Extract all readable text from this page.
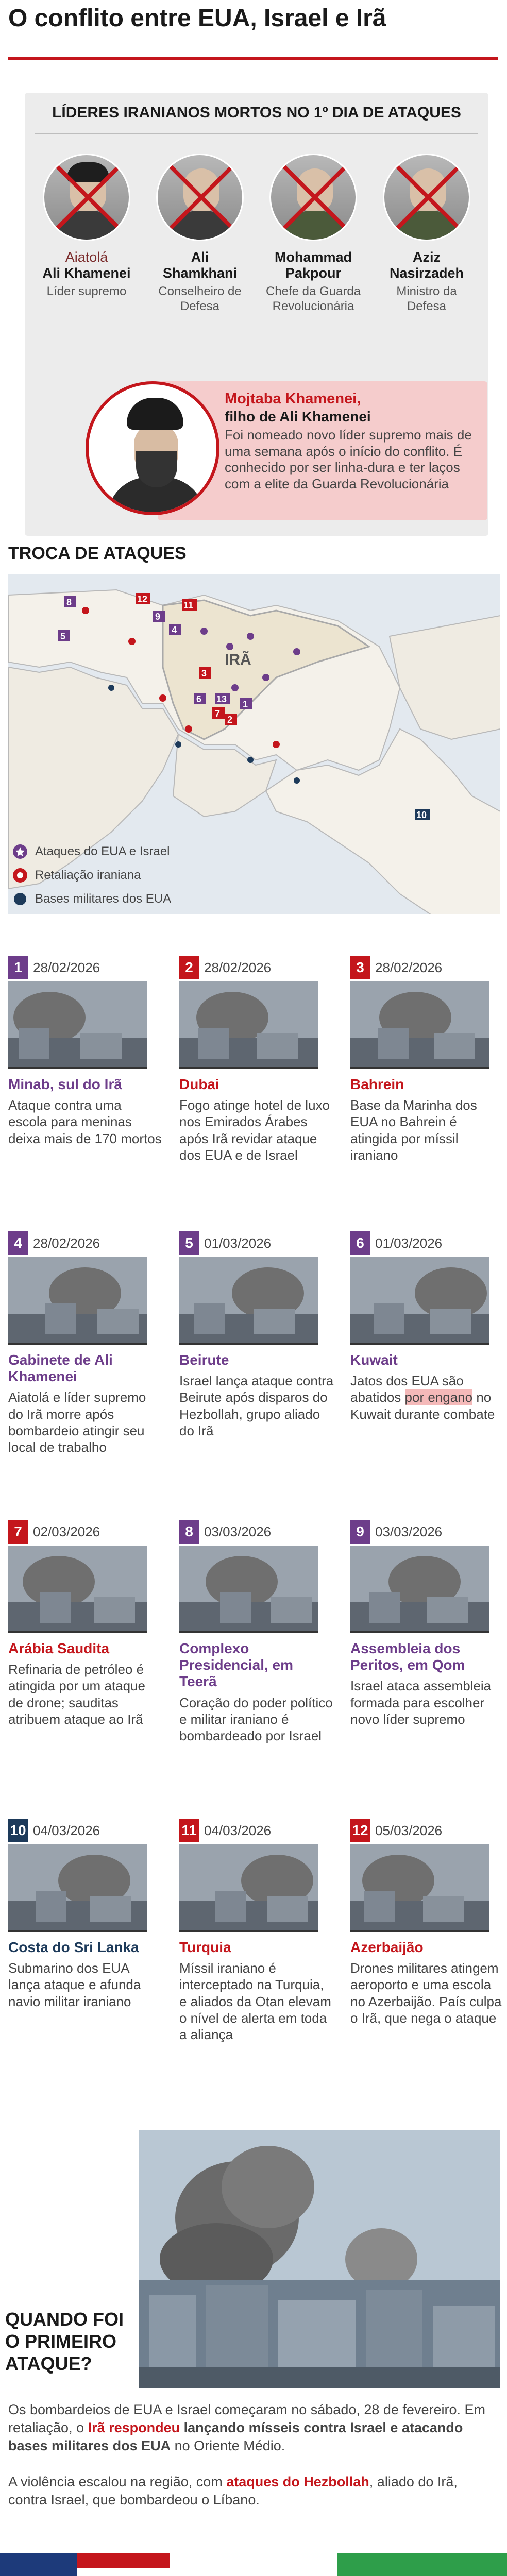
O conflito entre EUA, Israel e Irã
LÍDERES IRANIANOS MORTOS NO 1º DIA DE ATAQUES
Aiatolá
Ali Khamenei
Líder supremo
Ali
Shamkhani
Conselheiro de Defesa
Mohammad
Pakpour
Chefe da Guarda Revolucionária
Aziz
Nasirzadeh
Ministro da Defesa
Mojtaba Khamenei,
filho de Ali Khamenei
Foi nomeado novo líder supremo mais de uma semana após o início do conflito. É conhecido por ser linha-dura e ter laços com a elite da Guarda Revolucionária
TROCA DE ATAQUES
IRÃ
8
9
4
5
3
2
6
7
1
10
11
12
13
Ataques do EUA e Israel
Retaliação iraniana
Bases militares dos EUA
1 28/02/2026
Minab, sul do Irã
Ataque contra uma escola para meninas deixa mais de 170 mortos
2 28/02/2026
Dubai
Fogo atinge hotel de luxo nos Emirados Árabes após Irã revidar ataque dos EUA e de Israel
3 28/02/2026
Bahrein
Base da Marinha dos EUA no Bahrein é atingida por míssil iraniano
4 28/02/2026
Gabinete de Ali Khamenei
Aiatolá e líder supremo do Irã morre após bombardeio atingir seu local de trabalho
5 01/03/2026
Beirute
Israel lança ataque contra Beirute após disparos do Hezbollah, grupo aliado do Irã
6 01/03/2026
Kuwait
Jatos dos EUA são abatidos por engano no Kuwait durante combate
7 02/03/2026
Arábia Saudita
Refinaria de petróleo é atingida por um ataque de drone; sauditas atribuem ataque ao Irã
8 03/03/2026
Complexo Presidencial, em Teerã
Coração do poder político e militar iraniano é bombardeado por Israel
9 03/03/2026
Assembleia dos Peritos, em Qom
Israel ataca assembleia formada para escolher novo líder supremo
10 04/03/2026
Costa do Sri Lanka
Submarino dos EUA lança ataque e afunda navio militar iraniano
11 04/03/2026
Turquia
Míssil iraniano é interceptado na Turquia, e aliados da Otan elevam o nível de alerta em toda a aliança
12 05/03/2026
Azerbaijão
Drones militares atingem aeroporto e uma escola no Azerbaijão. País culpa o Irã, que nega o ataque
QUANDO FOI O PRIMEIRO ATAQUE?
Os bombardeios de EUA e Israel começaram no sábado, 28 de fevereiro. Em retaliação, o Irã respondeu lançando mísseis contra Israel e atacando bases militares dos EUA no Oriente Médio.
A violência escalou na região, com ataques do Hezbollah, aliado do Irã, contra Israel, que bombardeou o Líbano.
